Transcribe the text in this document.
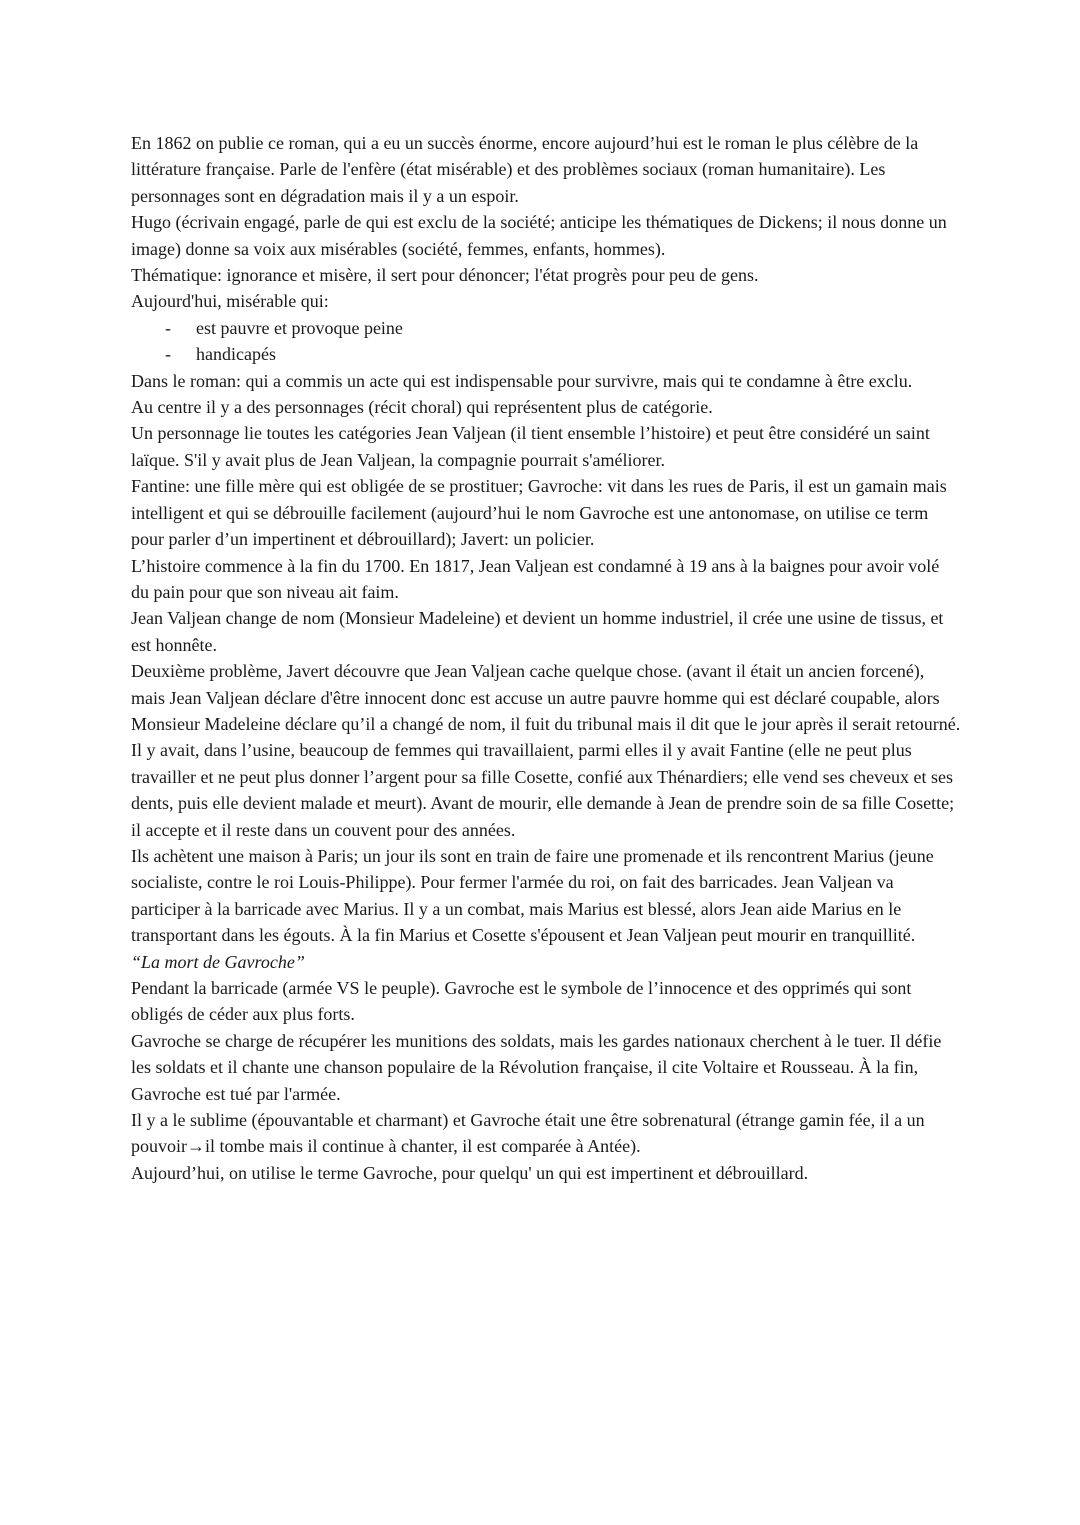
En 1862 on publie ce roman, qui a eu un succès énorme, encore aujourd’hui est le roman le plus célèbre de la littérature française. Parle de l'enfère (état misérable) et des problèmes sociaux (roman humanitaire). Les personnages sont en dégradation mais il y a un espoir.

Hugo (écrivain engagé, parle de qui est exclu de la société; anticipe les thématiques de Dickens; il nous donne un image) donne sa voix aux misérables (société, femmes, enfants, hommes).

Thématique: ignorance et misère, il sert pour dénoncer; l'état progrès pour peu de gens.

Aujourd'hui, misérable qui:

- est pauvre et provoque peine
- handicapés

Dans le roman: qui a commis un acte qui est indispensable pour survivre, mais qui te condamne à être exclu.

Au centre il y a des personnages (récit choral) qui représentent plus de catégorie.

Un personnage lie toutes les catégories Jean Valjean (il tient ensemble l’histoire) et peut être considéré un saint laïque. S'il y avait plus de Jean Valjean, la compagnie pourrait s'améliorer.

Fantine: une fille mère qui est obligée de se prostituer; Gavroche: vit dans les rues de Paris, il est un gamain mais intelligent et qui se débrouille facilement (aujourd’hui le nom Gavroche est une antonomase, on utilise ce term pour parler d’un impertinent et débrouillard); Javert: un policier.

L’histoire commence à la fin du 1700. En 1817, Jean Valjean est condamné à 19 ans à la baignes pour avoir volé du pain pour que son niveau ait faim.

Jean Valjean change de nom (Monsieur Madeleine) et devient un homme industriel, il crée une usine de tissus, et est honnête.

Deuxième problème, Javert découvre que Jean Valjean cache quelque chose. (avant il était un ancien forcené), mais Jean Valjean déclare d'être innocent donc est accuse un autre pauvre homme qui est déclaré coupable, alors Monsieur Madeleine déclare qu’il a changé de nom, il fuit du tribunal mais il dit que le jour après il serait retourné.

Il y avait, dans l’usine, beaucoup de femmes qui travaillaient, parmi elles il y avait Fantine (elle ne peut plus travailler et ne peut plus donner l’argent pour sa fille Cosette, confié aux Thénardiers; elle vend ses cheveux et ses dents, puis elle devient malade et meurt). Avant de mourir, elle demande à Jean de prendre soin de sa fille Cosette; il accepte et il reste dans un couvent pour des années.

Ils achètent une maison à Paris; un jour ils sont en train de faire une promenade et ils rencontrent Marius (jeune socialiste, contre le roi Louis-Philippe). Pour fermer l'armée du roi, on fait des barricades. Jean Valjean va participer à la barricade avec Marius. Il y a un combat, mais Marius est blessé, alors Jean aide Marius en le transportant dans les égouts. À la fin Marius et Cosette s'épousent et Jean Valjean peut mourir en tranquillité.

“La mort de Gavroche”

Pendant la barricade (armée VS le peuple). Gavroche est le symbole de l’innocence et des opprimés qui sont obligés de céder aux plus forts.

Gavroche se charge de récupérer les munitions des soldats, mais les gardes nationaux cherchent à le tuer. Il défie les soldats et il chante une chanson populaire de la Révolution française, il cite Voltaire et Rousseau. À la fin, Gavroche est tué par l'armée.

Il y a le sublime (épouvantable et charmant) et Gavroche était une être sobrenatural (étrange gamin fée, il a un pouvoir→il tombe mais il continue à chanter, il est comparée à Antée).

Aujourd’hui, on utilise le terme Gavroche, pour quelqu' un qui est impertinent et débrouillard.
